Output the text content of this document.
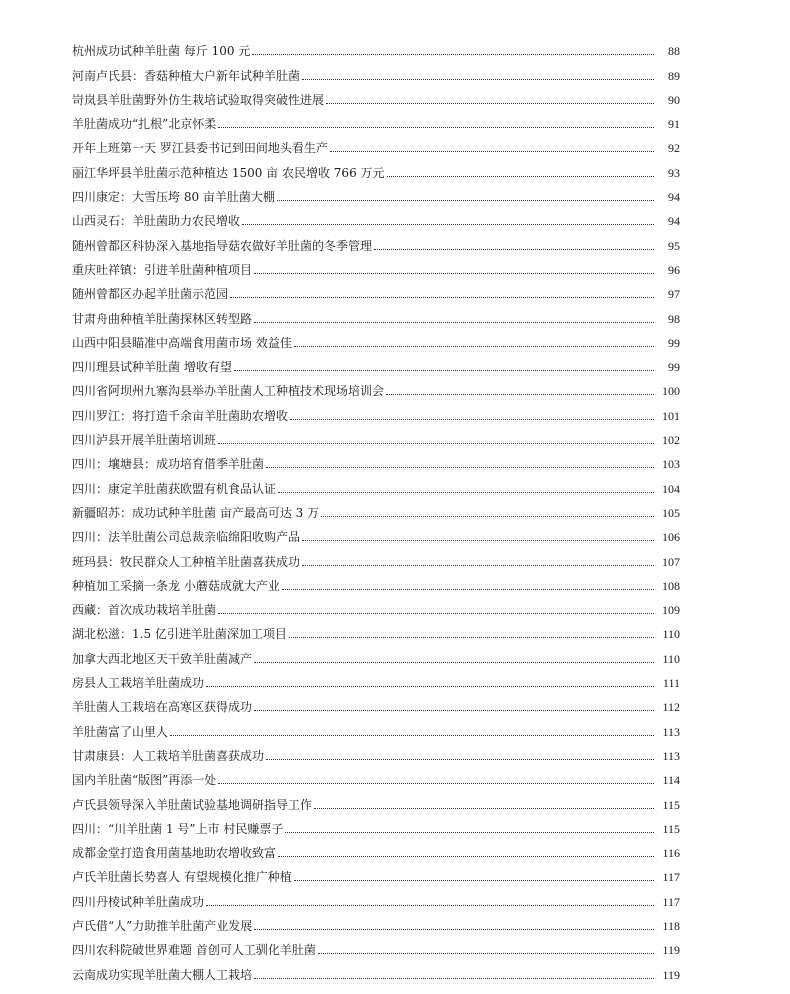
杭州成功试种羊肚菌 每斤 100 元	88
河南卢氏县：香菇种植大户新年试种羊肚菌	89
岢岚县羊肚菌野外仿生栽培试验取得突破性进展	90
羊肚菌成功“扎根”北京怀柔	91
开年上班第一天 罗江县委书记到田间地头看生产	92
丽江华坪县羊肚菌示范种植达 1500 亩 农民增收 766 万元	93
四川康定：大雪压垮 80 亩羊肚菌大棚	94
山西灵石：羊肚菌助力农民增收	94
随州曾都区科协深入基地指导菇农做好羊肚菌的冬季管理	95
重庆吐祥镇：引进羊肚菌种植项目	96
随州曾都区办起羊肚菌示范园	97
甘肃舟曲种植羊肚菌探林区转型路	98
山西中阳县瞄准中高端食用菌市场 效益佳	99
四川理县试种羊肚菌 增收有望	99
四川省阿坝州九寨沟县举办羊肚菌人工种植技术现场培训会	100
四川罗江：将打造千余亩羊肚菌助农增收	101
四川泸县开展羊肚菌培训班	102
四川：壤塘县：成功培育借季羊肚菌	103
四川：康定羊肚菌获欧盟有机食品认证	104
新疆昭苏：成功试种羊肚菌 亩产最高可达 3 万	105
四川：法羊肚菌公司总裁亲临绵阳收购产品	106
班玛县：牧民群众人工种植羊肚菌喜获成功	107
种植加工采摘一条龙 小蘑菇成就大产业	108
西藏：首次成功栽培羊肚菌	109
湖北松滋：1.5 亿引进羊肚菌深加工项目	110
加拿大西北地区天干致羊肚菌减产	110
房县人工栽培羊肚菌成功	111
羊肚菌人工栽培在高寒区获得成功	112
羊肚菌富了山里人	113
甘肃康县：人工栽培羊肚菌喜获成功	113
国内羊肚菌“版图”再添一处	114
卢氏县领导深入羊肚菌试验基地调研指导工作	115
四川：“川羊肚菌 1 号”上市 村民赚票子	115
成都金堂打造食用菌基地助农增收致富	116
卢氏羊肚菌长势喜人 有望规模化推广种植	117
四川丹棱试种羊肚菌成功	117
卢氏借“人”力助推羊肚菌产业发展	118
四川农科院破世界难题 首创可人工驯化羊肚菌	119
云南成功实现羊肚菌大棚人工栽培	119
